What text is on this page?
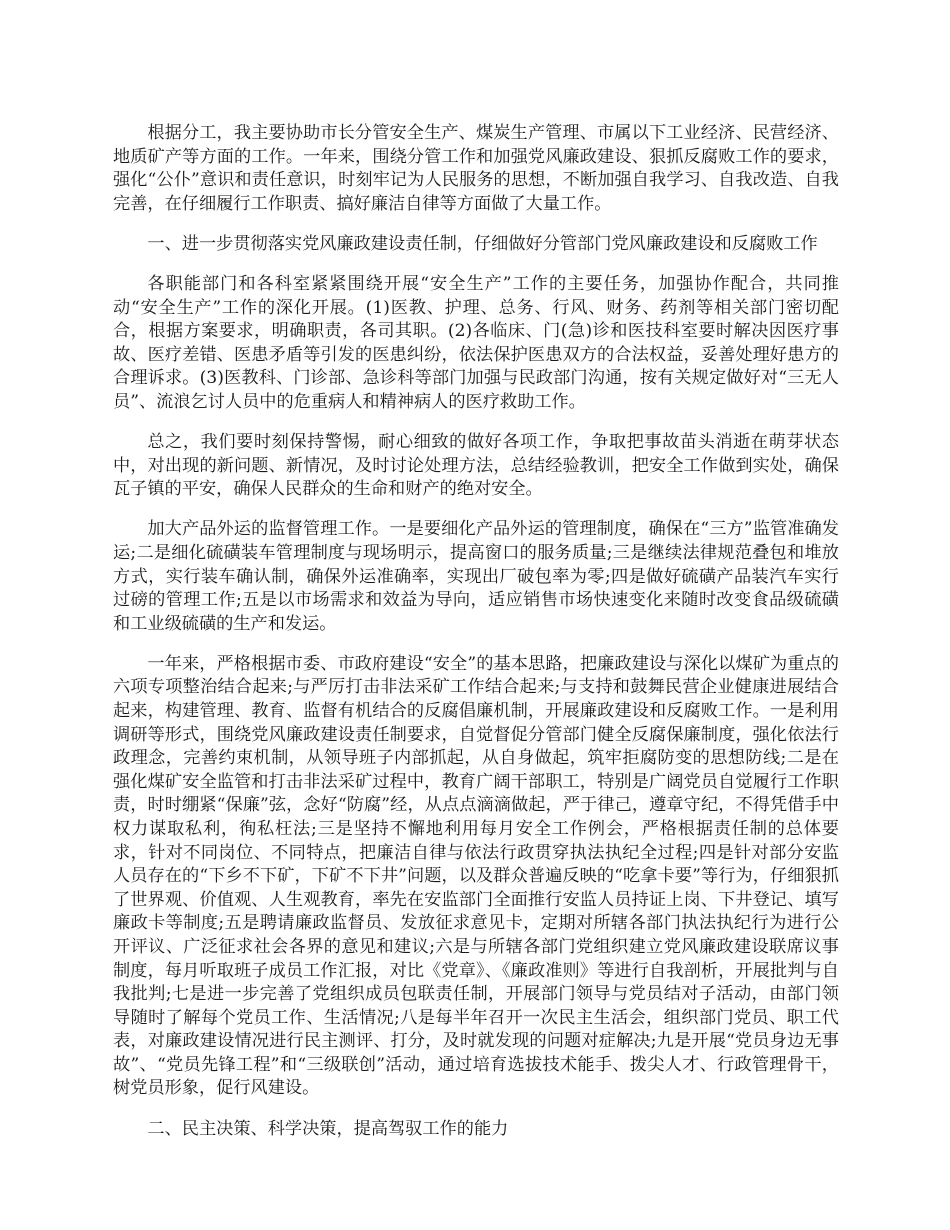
根据分工，我主要协助市长分管安全生产、煤炭生产管理、市属以下工业经济、民营经济、地质矿产等方面的工作。一年来，围绕分管工作和加强党风廉政建设、狠抓反腐败工作的要求，强化“公仆”意识和责任意识，时刻牢记为人民服务的思想，不断加强自我学习、自我改造、自我完善，在仔细履行工作职责、搞好廉洁自律等方面做了大量工作。

一、进一步贯彻落实党风廉政建设责任制，仔细做好分管部门党风廉政建设和反腐败工作

各职能部门和各科室紧紧围绕开展“安全生产”工作的主要任务，加强协作配合，共同推动“安全生产”工作的深化开展。(1)医教、护理、总务、行风、财务、药剂等相关部门密切配合，根据方案要求，明确职责，各司其职。(2)各临床、门(急)诊和医技科室要时解决因医疗事故、医疗差错、医患矛盾等引发的医患纠纷，依法保护医患双方的合法权益，妥善处理好患方的合理诉求。(3)医教科、门诊部、急诊科等部门加强与民政部门沟通，按有关规定做好对“三无人员”、流浪乞讨人员中的危重病人和精神病人的医疗救助工作。

总之，我们要时刻保持警惕，耐心细致的做好各项工作，争取把事故苗头消逝在萌芽状态中，对出现的新问题、新情况，及时讨论处理方法，总结经验教训，把安全工作做到实处，确保瓦子镇的平安，确保人民群众的生命和财产的绝对安全。

加大产品外运的监督管理工作。一是要细化产品外运的管理制度，确保在“三方”监管准确发运;二是细化硫磺装车管理制度与现场明示，提高窗口的服务质量;三是继续法律规范叠包和堆放方式，实行装车确认制，确保外运准确率，实现出厂破包率为零;四是做好硫磺产品装汽车实行过磅的管理工作;五是以市场需求和效益为导向，适应销售市场快速变化来随时改变食品级硫磺和工业级硫磺的生产和发运。

一年来，严格根据市委、市政府建设“安全”的基本思路，把廉政建设与深化以煤矿为重点的六项专项整治结合起来;与严厉打击非法采矿工作结合起来;与支持和鼓舞民营企业健康进展结合起来，构建管理、教育、监督有机结合的反腐倡廉机制，开展廉政建设和反腐败工作。一是利用调研等形式，围绕党风廉政建设责任制要求，自觉督促分管部门健全反腐保廉制度，强化依法行政理念，完善约束机制，从领导班子内部抓起，从自身做起，筑牢拒腐防变的思想防线;二是在强化煤矿安全监管和打击非法采矿过程中，教育广阔干部职工，特别是广阔党员自觉履行工作职责，时时绷紧“保廉”弦，念好“防腐”经，从点点滴滴做起，严于律己，遵章守纪，不得凭借手中权力谋取私利，徇私枉法;三是坚持不懈地利用每月安全工作例会，严格根据责任制的总体要求，针对不同岗位、不同特点，把廉洁自律与依法行政贯穿执法执纪全过程;四是针对部分安监人员存在的“下乡不下矿，下矿不下井”问题，以及群众普遍反映的“吃拿卡要”等行为，仔细狠抓了世界观、价值观、人生观教育，率先在安监部门全面推行安监人员持证上岗、下井登记、填写廉政卡等制度;五是聘请廉政监督员、发放征求意见卡，定期对所辖各部门执法执纪行为进行公开评议、广泛征求社会各界的意见和建议;六是与所辖各部门党组织建立党风廉政建设联席议事制度，每月听取班子成员工作汇报，对比《党章》、《廉政准则》等进行自我剖析，开展批判与自我批判;七是进一步完善了党组织成员包联责任制，开展部门领导与党员结对子活动，由部门领导随时了解每个党员工作、生活情况;八是每半年召开一次民主生活会，组织部门党员、职工代表，对廉政建设情况进行民主测评、打分，及时就发现的问题对症解决;九是开展“党员身边无事故”、“党员先锋工程”和“三级联创”活动，通过培育选拔技术能手、拨尖人才、行政管理骨干，树党员形象，促行风建设。

二、民主决策、科学决策，提高驾驭工作的能力
